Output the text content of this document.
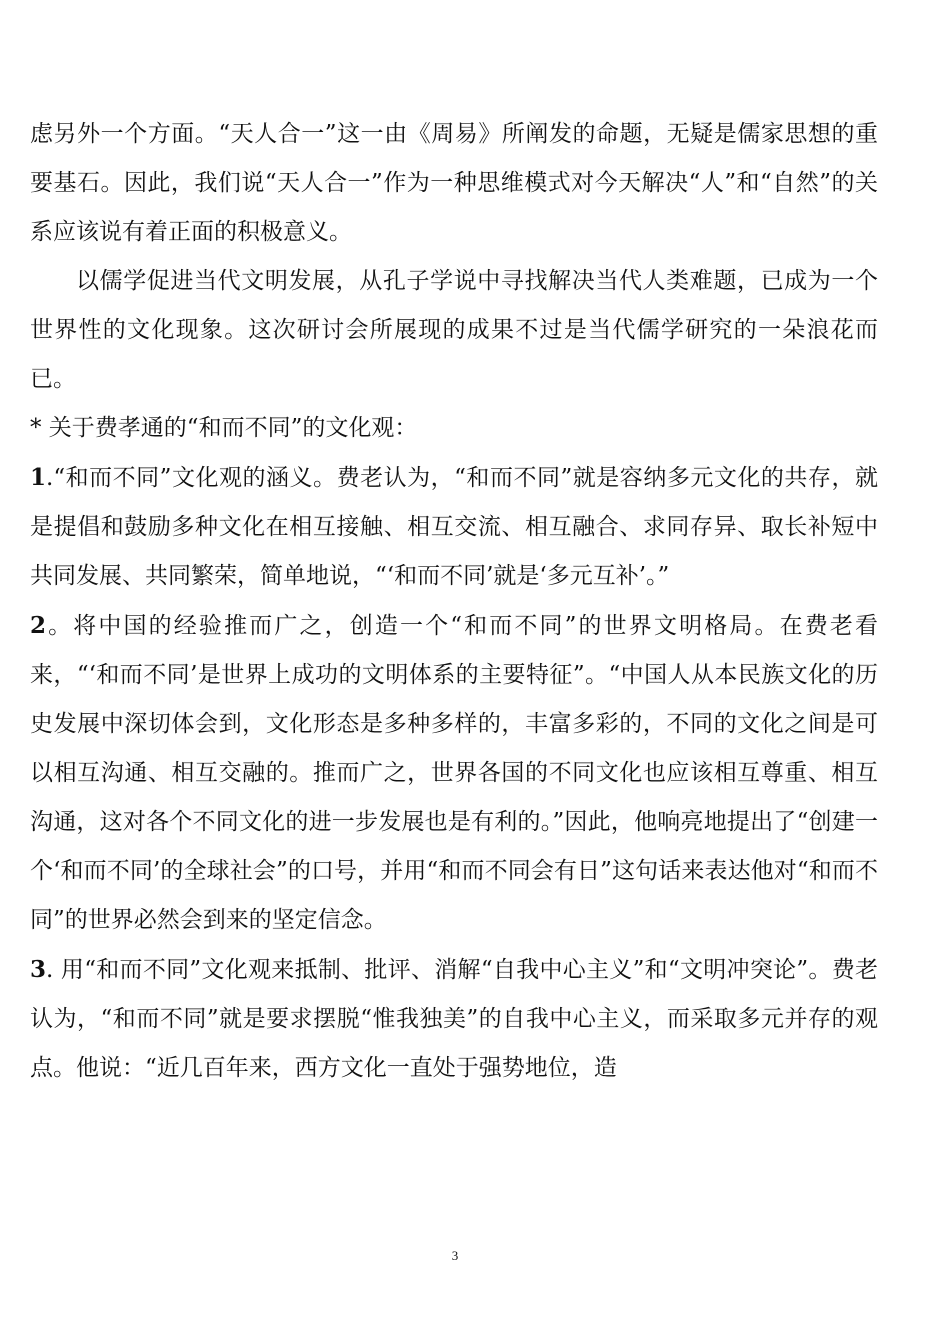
虑另外一个方面。“天人合一”这一由《周易》所阐发的命题，无疑是儒家思想的重要基石。因此，我们说“天人合一”作为一种思维模式对今天解决“人”和“自然”的关系应该说有着正面的积极意义。

以儒学促进当代文明发展，从孔子学说中寻找解决当代人类难题，已成为一个世界性的文化现象。这次研讨会所展现的成果不过是当代儒学研究的一朵浪花而已。

* 关于费孝通的“和而不同”的文化观：

1.“和而不同”文化观的涵义。费老认为，“和而不同”就是容纳多元文化的共存，就是提倡和鼓励多种文化在相互接触、相互交流、相互融合、求同存异、取长补短中共同发展、共同繁荣，简单地说，“‘和而不同’就是‘多元互补’。”

2。将中国的经验推而广之，创造一个“和而不同”的世界文明格局。在费老看来，“‘和而不同’是世界上成功的文明体系的主要特征”。“中国人从本民族文化的历史发展中深切体会到，文化形态是多种多样的，丰富多彩的，不同的文化之间是可以相互沟通、相互交融的。推而广之，世界各国的不同文化也应该相互尊重、相互沟通，这对各个不同文化的进一步发展也是有利的。”因此，他响亮地提出了“创建一个‘和而不同’的全球社会”的口号，并用“和而不同会有日”这句话来表达他对“和而不同”的世界必然会到来的坚定信念。

3. 用“和而不同”文化观来抵制、批评、消解“自我中心主义”和“文明冲突论”。费老认为，“和而不同”就是要求摆脱“惟我独美”的自我中心主义，而采取多元并存的观点。他说：“近几百年来，西方文化一直处于强势地位，造

3
